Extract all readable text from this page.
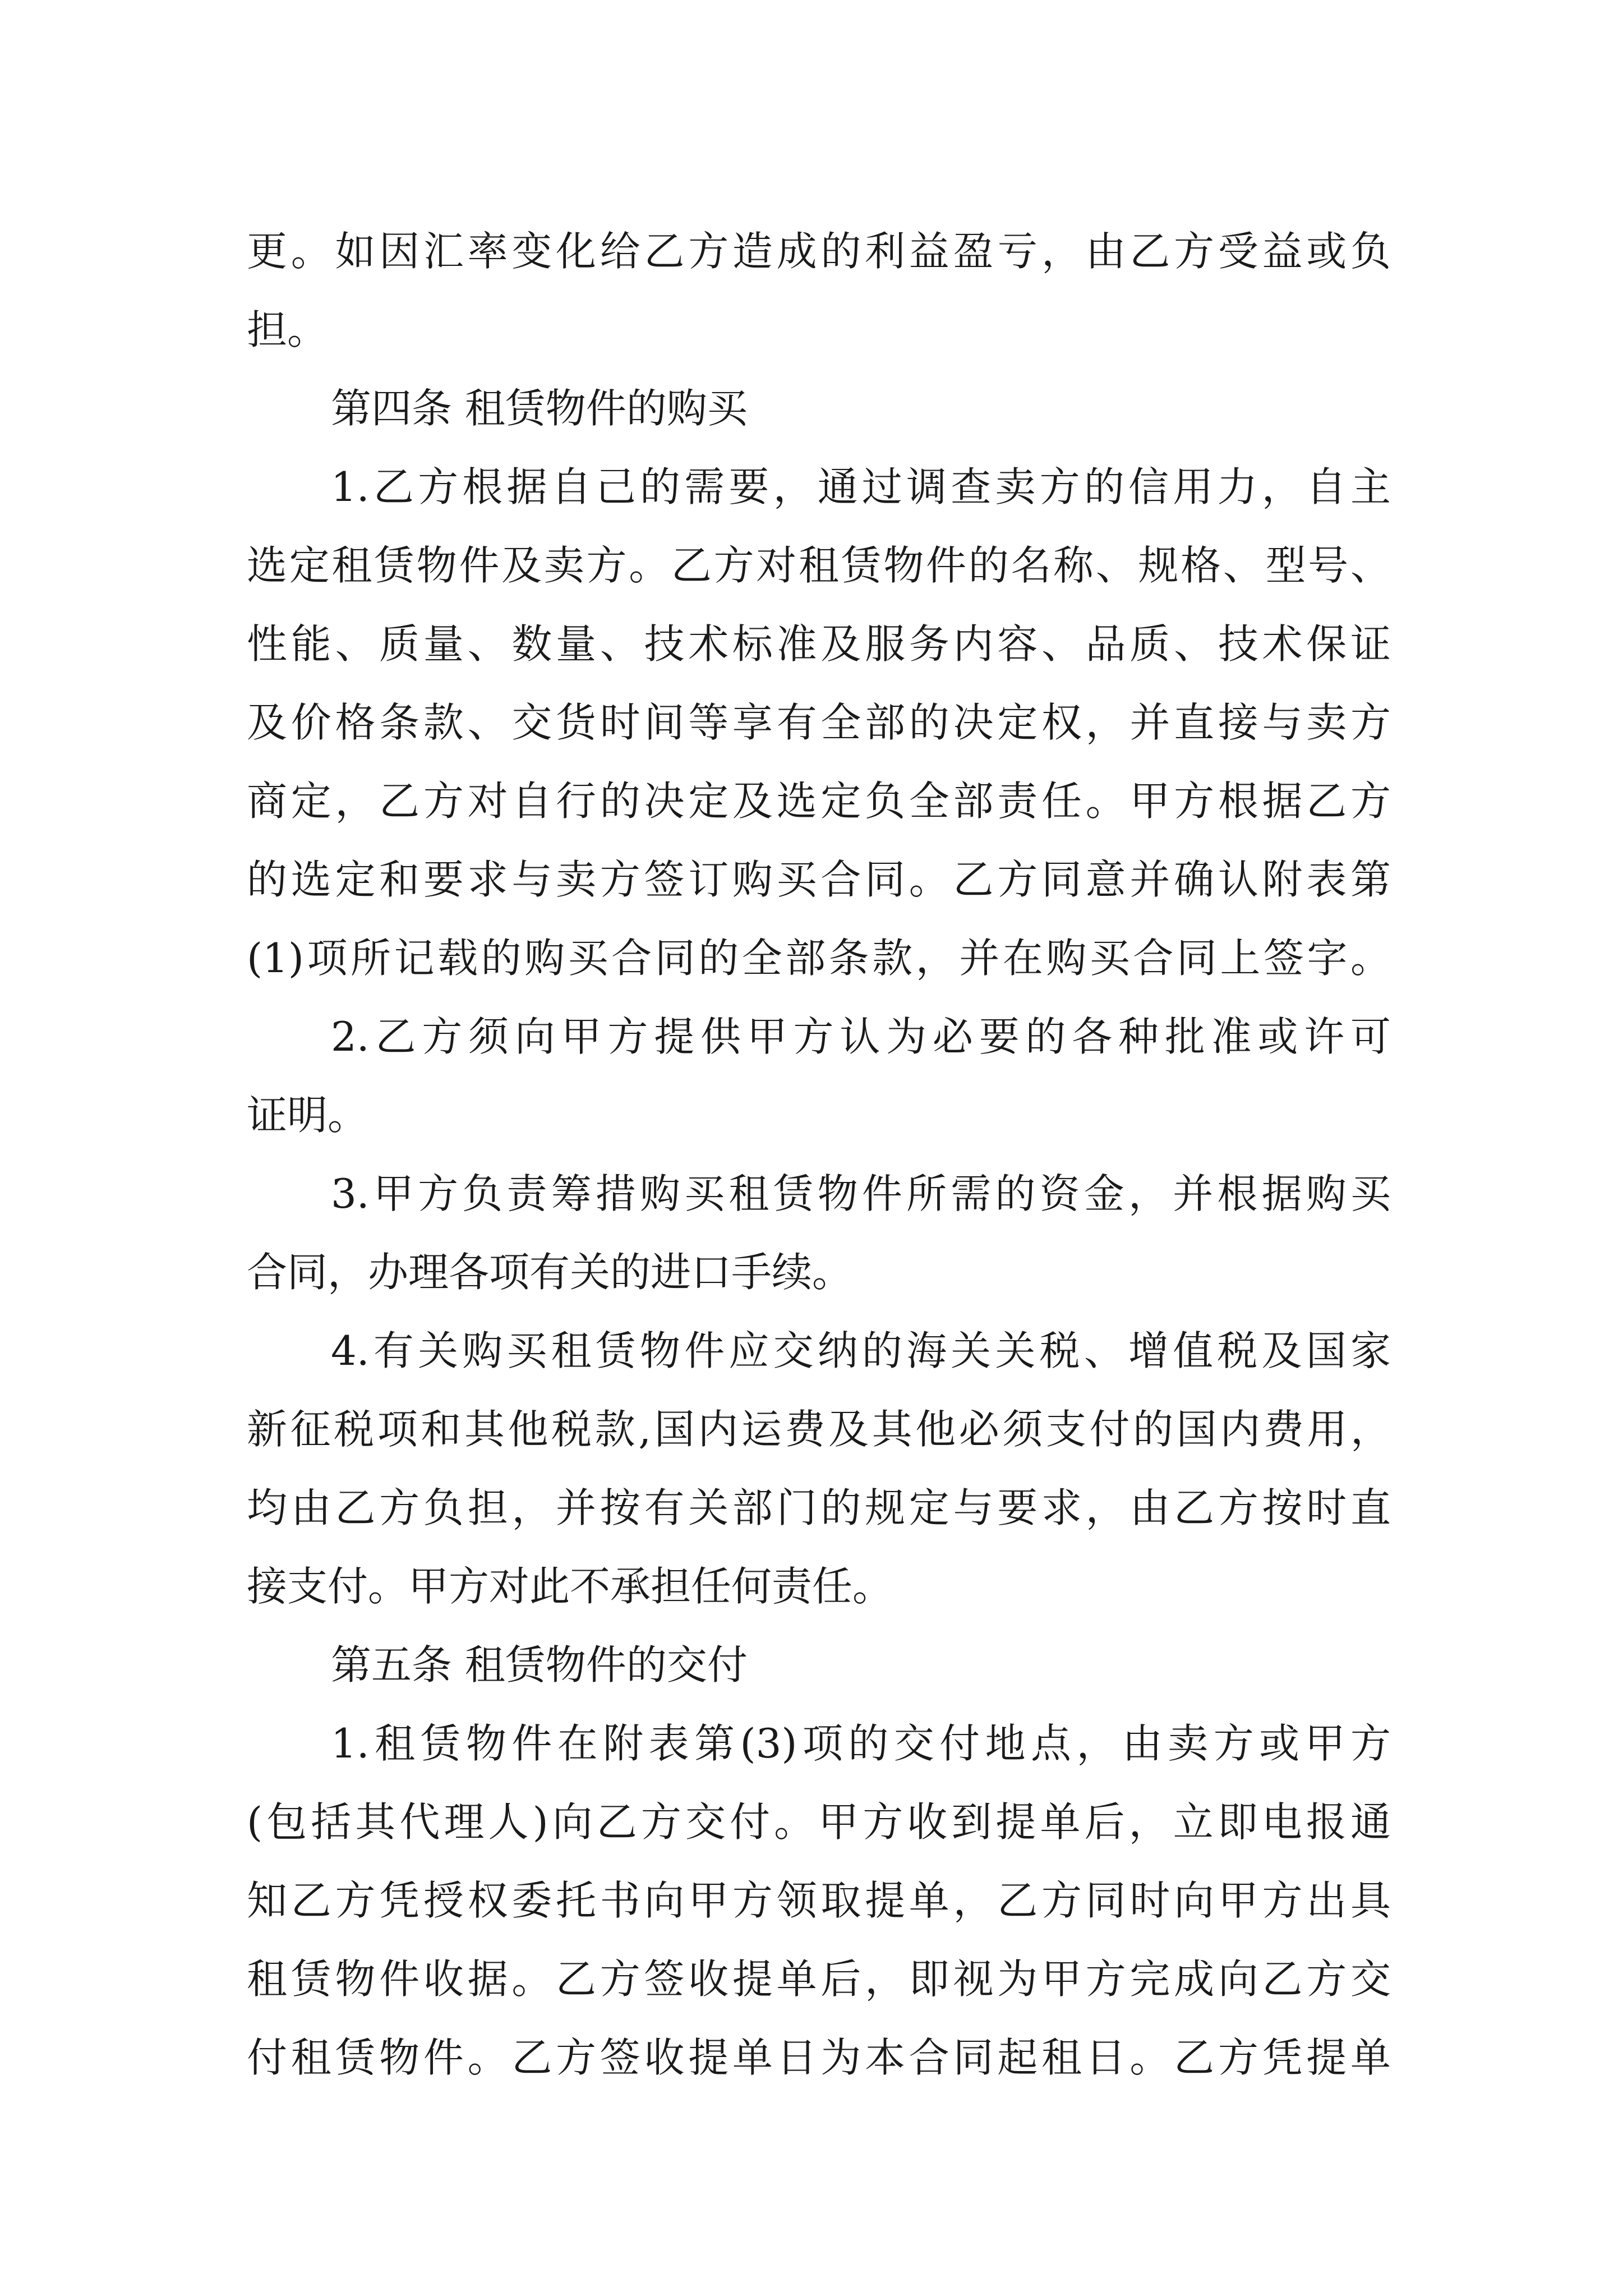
更。如因汇率变化给乙方造成的利益盈亏，由乙方受益或负
担。
第四条 租赁物件的购买
1.乙方根据自己的需要，通过调查卖方的信用力，自主
选定租赁物件及卖方。乙方对租赁物件的名称、规格、型号、
性能、质量、数量、技术标准及服务内容、品质、技术保证
及价格条款、交货时间等享有全部的决定权，并直接与卖方
商定，乙方对自行的决定及选定负全部责任。甲方根据乙方
的选定和要求与卖方签订购买合同。乙方同意并确认附表第
(1)项所记载的购买合同的全部条款，并在购买合同上签字。
2.乙方须向甲方提供甲方认为必要的各种批准或许可
证明。
3.甲方负责筹措购买租赁物件所需的资金，并根据购买
合同，办理各项有关的进口手续。
4.有关购买租赁物件应交纳的海关关税、增值税及国家
新征税项和其他税款,国内运费及其他必须支付的国内费用，
均由乙方负担，并按有关部门的规定与要求，由乙方按时直
接支付。甲方对此不承担任何责任。
第五条 租赁物件的交付
1.租赁物件在附表第(3)项的交付地点，由卖方或甲方
(包括其代理人)向乙方交付。甲方收到提单后，立即电报通
知乙方凭授权委托书向甲方领取提单，乙方同时向甲方出具
租赁物件收据。乙方签收提单后，即视为甲方完成向乙方交
付租赁物件。乙方签收提单日为本合同起租日。乙方凭提单
